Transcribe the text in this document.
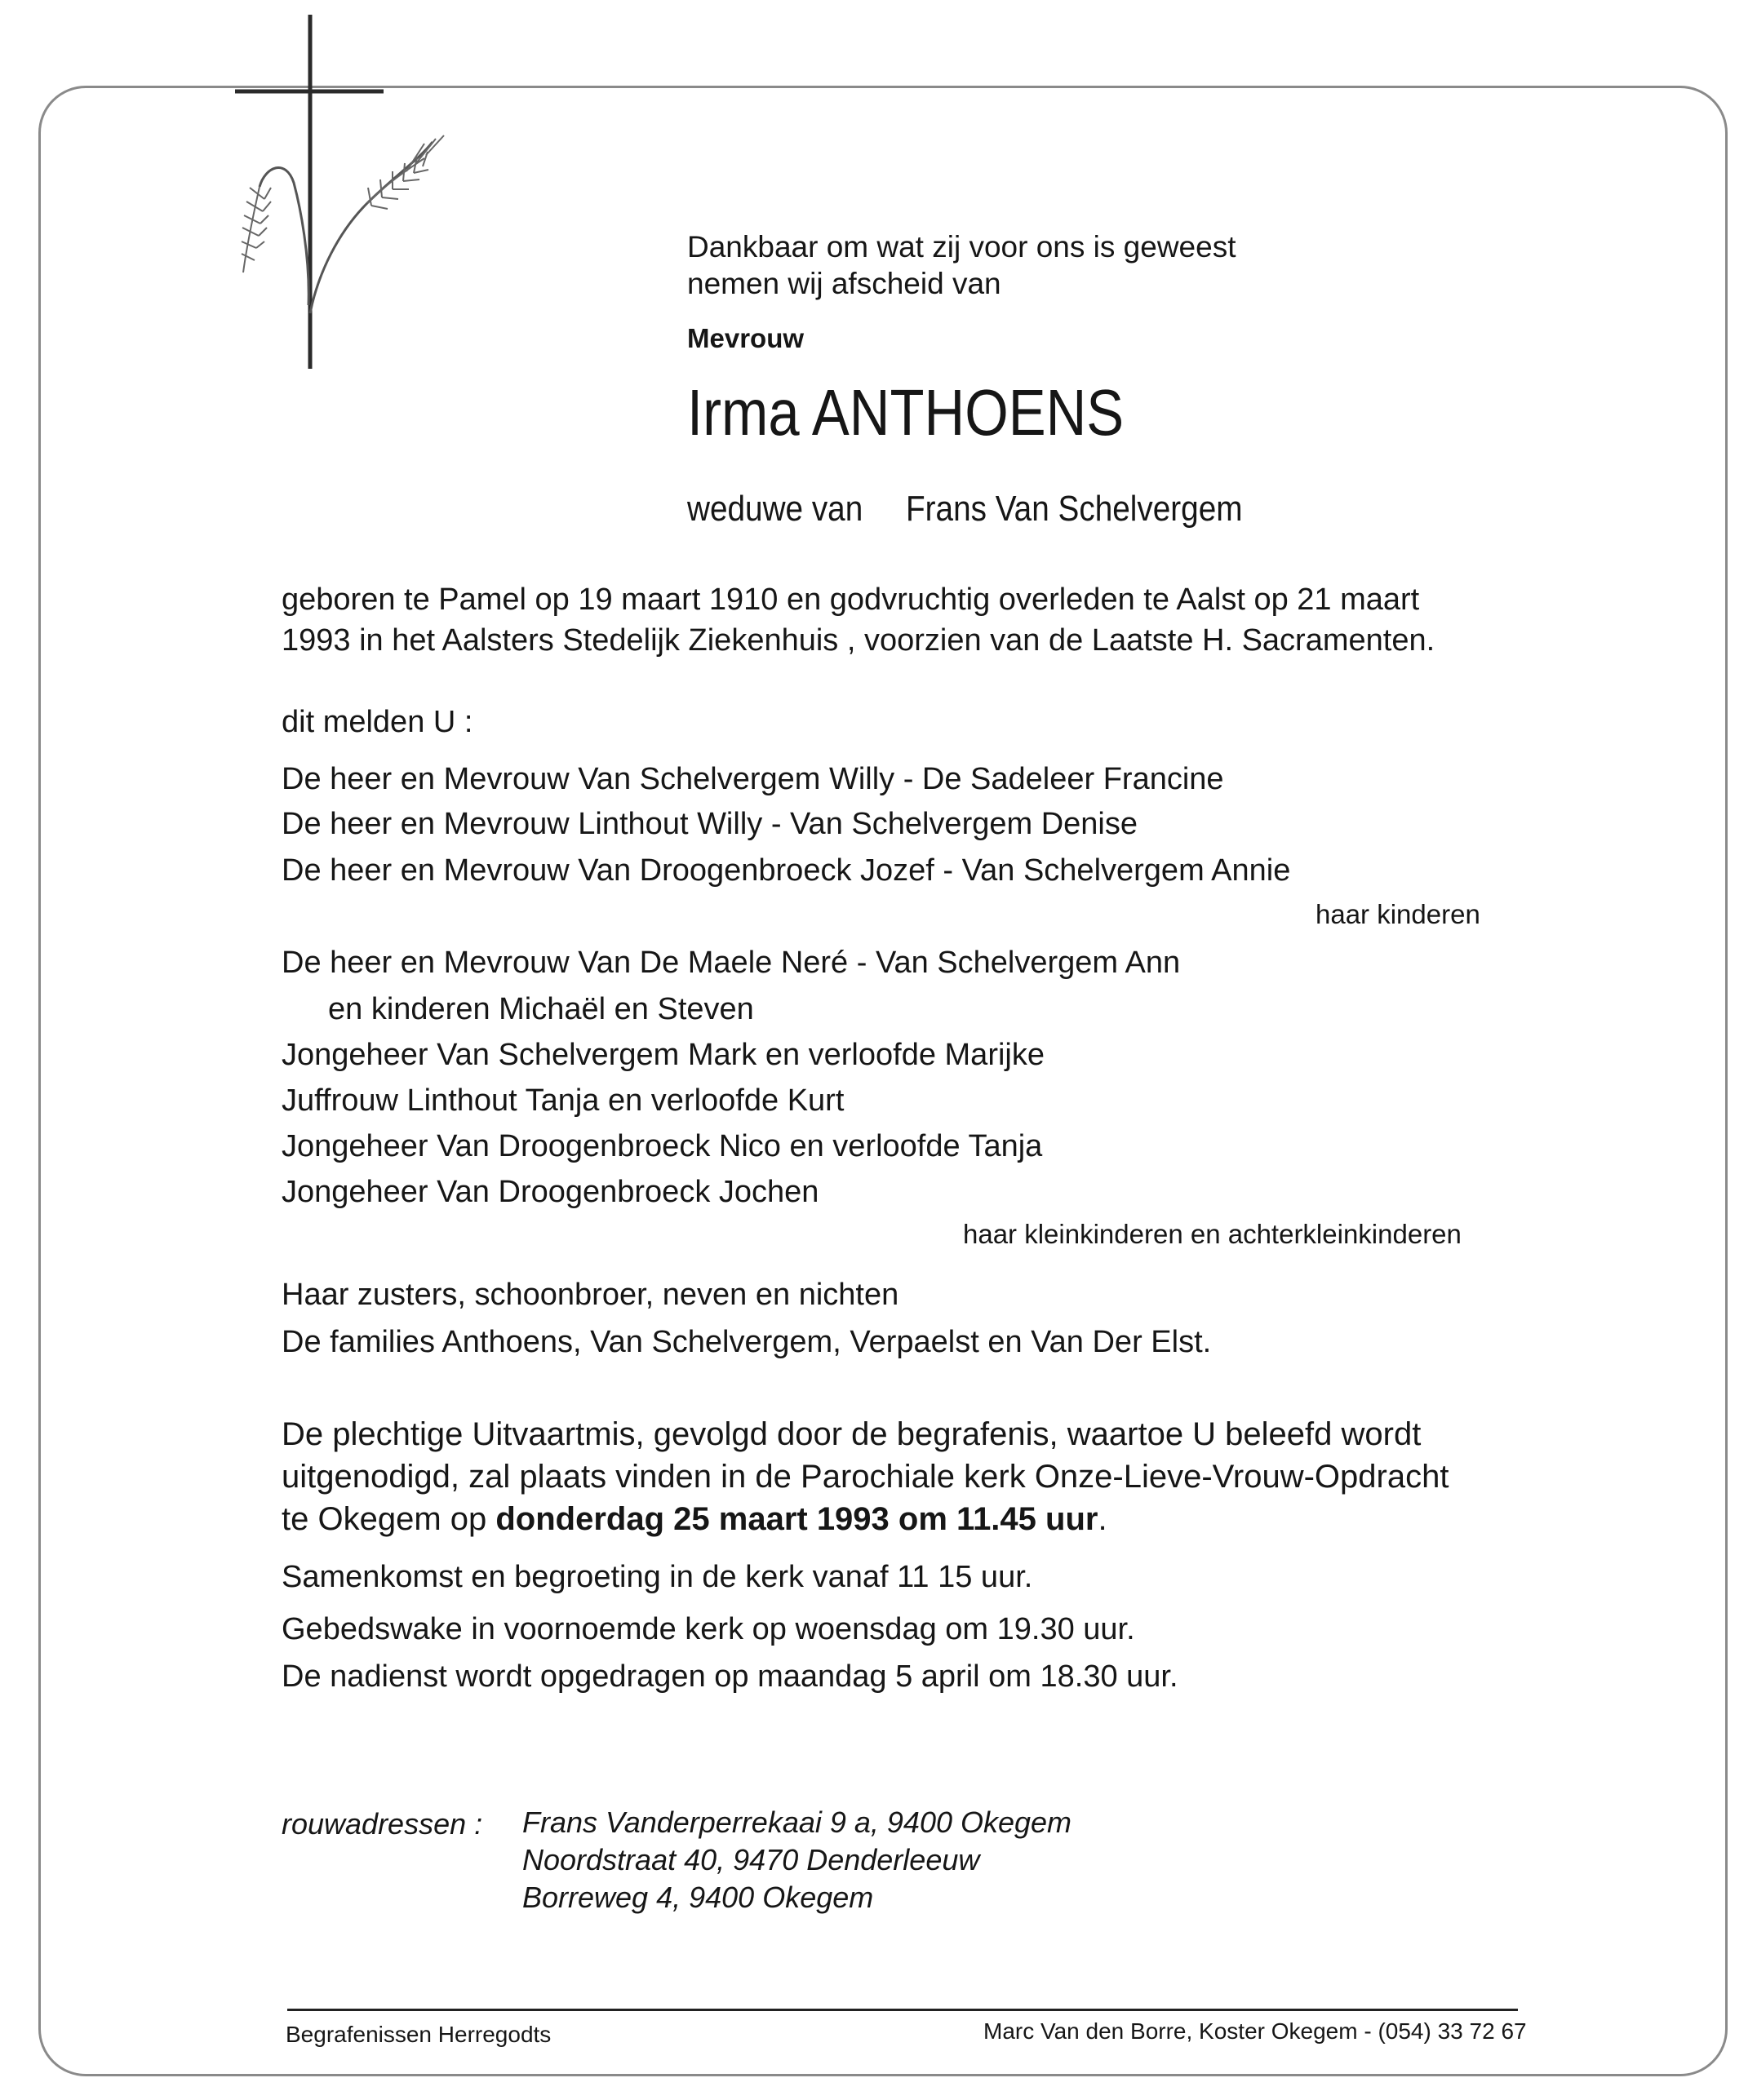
Dankbaar om wat zij voor ons is geweest

nemen wij afscheid van

Mevrouw

Irma ANTHOENS

weduwe van Frans Van Schelvergem

geboren te Pamel op 19 maart 1910 en godvruchtig overleden te Aalst op 21 maart

1993 in het Aalsters Stedelijk Ziekenhuis , voorzien van de Laatste H. Sacramenten.

dit melden U :

De heer en Mevrouw Van Schelvergem Willy - De Sadeleer Francine

De heer en Mevrouw Linthout Willy - Van Schelvergem Denise

De heer en Mevrouw Van Droogenbroeck Jozef - Van Schelvergem Annie

haar kinderen

De heer en Mevrouw Van De Maele Neré - Van Schelvergem Ann

en kinderen Michaël en Steven

Jongeheer Van Schelvergem Mark en verloofde Marijke

Juffrouw Linthout Tanja en verloofde Kurt

Jongeheer Van Droogenbroeck Nico en verloofde Tanja

Jongeheer Van Droogenbroeck Jochen

haar kleinkinderen en achterkleinkinderen

Haar zusters, schoonbroer, neven en nichten

De families Anthoens, Van Schelvergem, Verpaelst en Van Der Elst.

De plechtige Uitvaartmis, gevolgd door de begrafenis, waartoe U beleefd wordt

uitgenodigd, zal plaats vinden in de Parochiale kerk Onze-Lieve-Vrouw-Opdracht

te Okegem op donderdag 25 maart 1993 om 11.45 uur.

Samenkomst en begroeting in de kerk vanaf 11 15 uur.

Gebedswake in voornoemde kerk op woensdag om 19.30 uur.

De nadienst wordt opgedragen op maandag 5 april om 18.30 uur.

rouwadressen : Frans Vanderperrekaai 9 a, 9400 Okegem

Noordstraat 40, 9470 Denderleeuw

Borreweg 4, 9400 Okegem

Begrafenissen Herregodts	Marc Van den Borre, Koster Okegem - (054) 33 72 67
